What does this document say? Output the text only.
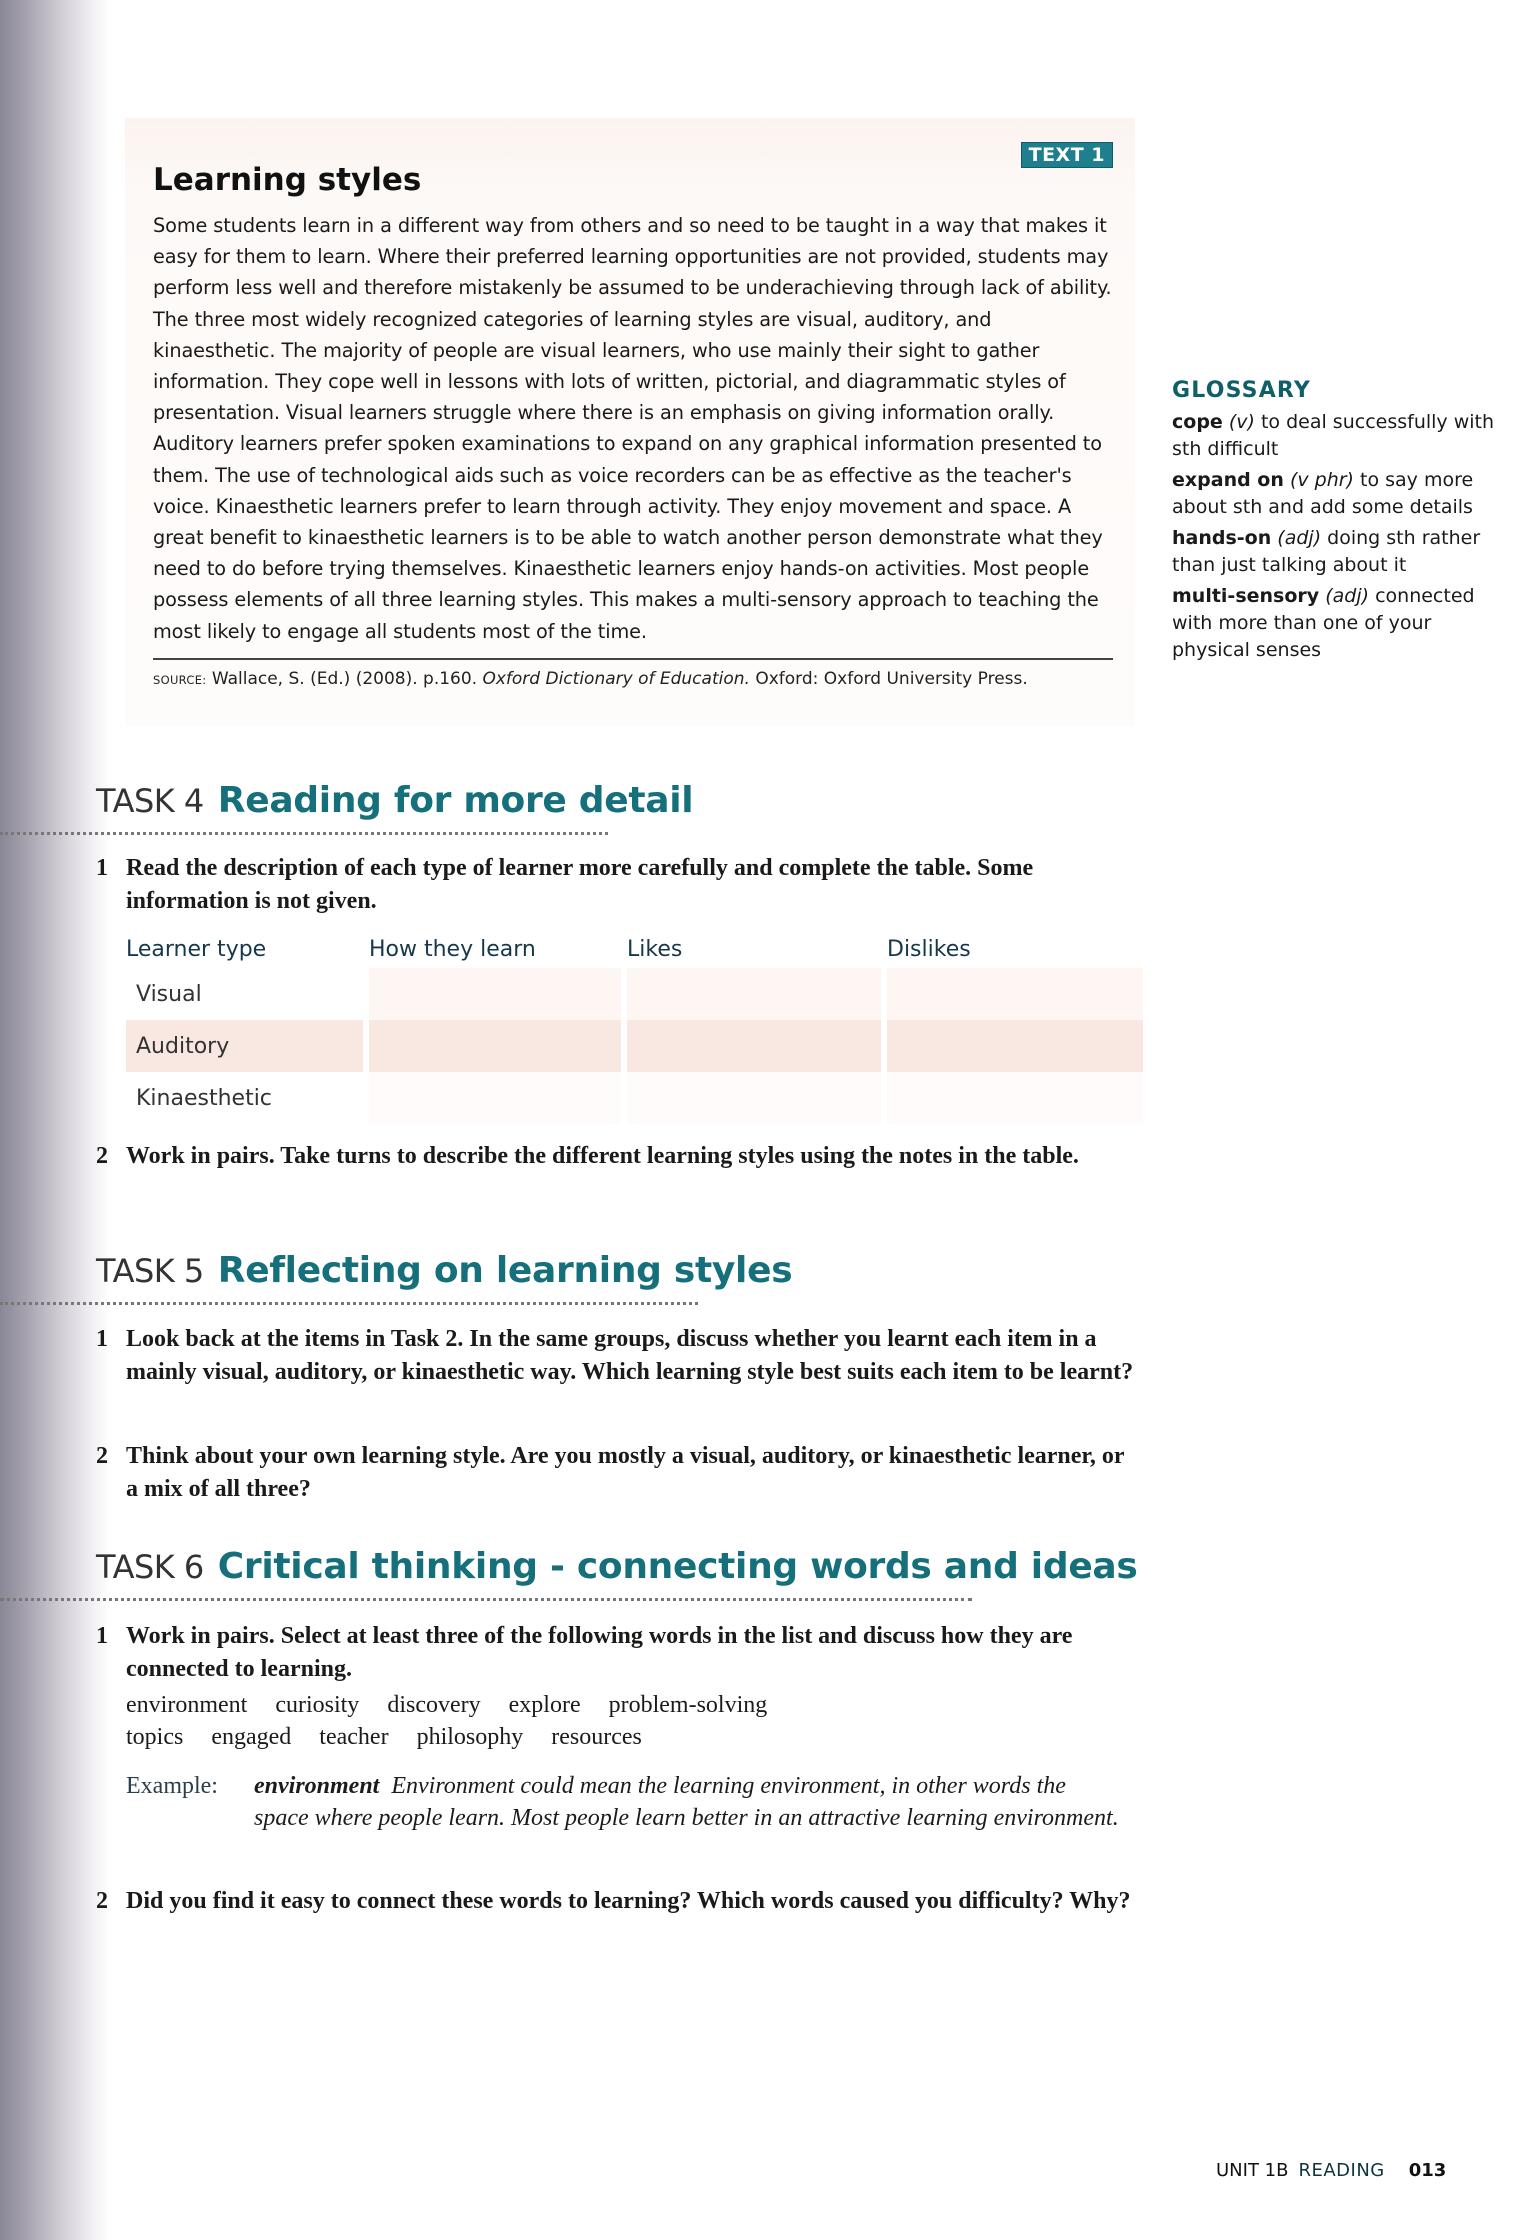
TEXT 1
Learning styles

Some students learn in a different way from others and so need to be taught in a way that makes it easy for them to learn. Where their preferred learning opportunities are not provided, students may perform less well and therefore mistakenly be assumed to be underachieving through lack of ability. The three most widely recognized categories of learning styles are visual, auditory, and kinaesthetic. The majority of people are visual learners, who use mainly their sight to gather information. They cope well in lessons with lots of written, pictorial, and diagrammatic styles of presentation. Visual learners struggle where there is an emphasis on giving information orally. Auditory learners prefer spoken examinations to expand on any graphical information presented to them. The use of technological aids such as voice recorders can be as effective as the teacher's voice. Kinaesthetic learners prefer to learn through activity. They enjoy movement and space. A great benefit to kinaesthetic learners is to be able to watch another person demonstrate what they need to do before trying themselves. Kinaesthetic learners enjoy hands-on activities. Most people possess elements of all three learning styles. This makes a multi-sensory approach to teaching the most likely to engage all students most of the time.

SOURCE: Wallace, S. (Ed.) (2008). p.160. Oxford Dictionary of Education. Oxford: Oxford University Press.
GLOSSARY
cope (v) to deal successfully with sth difficult
expand on (v phr) to say more about sth and add some details
hands-on (adj) doing sth rather than just talking about it
multi-sensory (adj) connected with more than one of your physical senses
TASK 4 Reading for more detail
1 Read the description of each type of learner more carefully and complete the table. Some information is not given.
Learner type	How they learn	Likes	Dislikes
Visual
Auditory
Kinaesthetic
2 Work in pairs. Take turns to describe the different learning styles using the notes in the table.
TASK 5 Reflecting on learning styles
1 Look back at the items in Task 2. In the same groups, discuss whether you learnt each item in a mainly visual, auditory, or kinaesthetic way. Which learning style best suits each item to be learnt?
2 Think about your own learning style. Are you mostly a visual, auditory, or kinaesthetic learner, or a mix of all three?
TASK 6 Critical thinking - connecting words and ideas
1 Work in pairs. Select at least three of the following words in the list and discuss how they are connected to learning.
environment curiosity discovery explore problem-solving
topics engaged teacher philosophy resources
Example:	environment Environment could mean the learning environment, in other words the space where people learn. Most people learn better in an attractive learning environment.
2 Did you find it easy to connect these words to learning? Which words caused you difficulty? Why?
UNIT 1B READING 013
